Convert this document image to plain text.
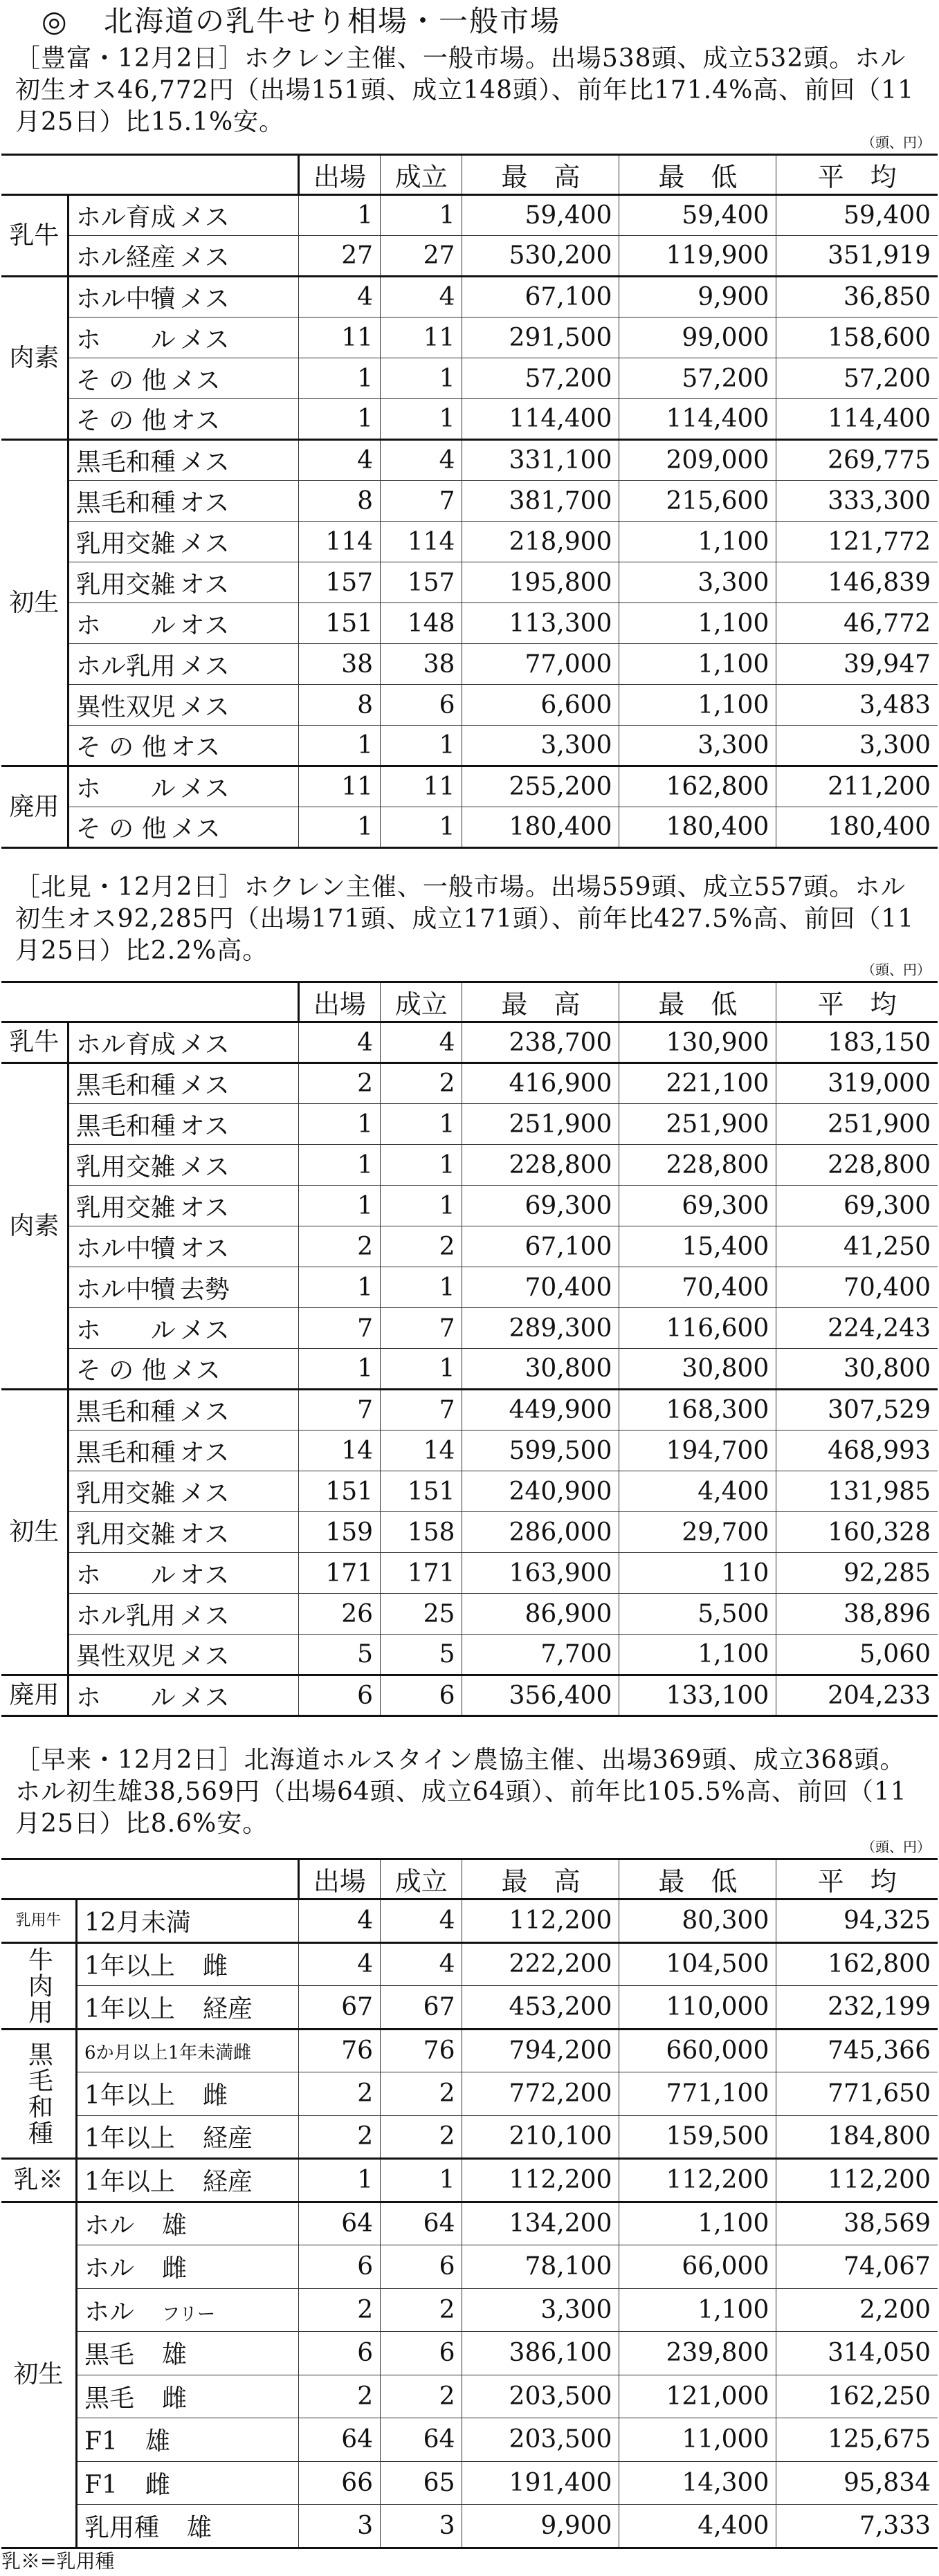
◎ 北海道の乳牛せり相場・一般市場
［豊富・12月2日］ホクレン主催、一般市場。出場538頭、成立532頭。ホル初生オス46,772円（出場151頭、成立148頭）、前年比171.4%高、前回（11月25日）比15.1%安。
（頭、円）
		出場	成立	最　高	最　低	平　均
乳牛	ホル育成 メス	1	1	59,400	59,400	59,400
	ホル経産 メス	27	27	530,200	119,900	351,919
肉素	ホル中犢 メス	4	4	67,100	9,900	36,850
	ホ　　ル メス	11	11	291,500	99,000	158,600
	そ の 他 メス	1	1	57,200	57,200	57,200
	そ の 他 オス	1	1	114,400	114,400	114,400
初生	黒毛和種 メス	4	4	331,100	209,000	269,775
	黒毛和種 オス	8	7	381,700	215,600	333,300
	乳用交雑 メス	114	114	218,900	1,100	121,772
	乳用交雑 オス	157	157	195,800	3,300	146,839
	ホ　　ル オス	151	148	113,300	1,100	46,772
	ホル乳用 メス	38	38	77,000	1,100	39,947
	異性双児 メス	8	6	6,600	1,100	3,483
	そ の 他 オス	1	1	3,300	3,300	3,300
廃用	ホ　　ル メス	11	11	255,200	162,800	211,200
	そ の 他 メス	1	1	180,400	180,400	180,400
［北見・12月2日］ホクレン主催、一般市場。出場559頭、成立557頭。ホル初生オス92,285円（出場171頭、成立171頭）、前年比427.5%高、前回（11月25日）比2.2%高。
（頭、円）
		出場	成立	最　高	最　低	平　均
乳牛	ホル育成 メス	4	4	238,700	130,900	183,150
肉素	黒毛和種 メス	2	2	416,900	221,100	319,000
	黒毛和種 オス	1	1	251,900	251,900	251,900
	乳用交雑 メス	1	1	228,800	228,800	228,800
	乳用交雑 オス	1	1	69,300	69,300	69,300
	ホル中犢 オス	2	2	67,100	15,400	41,250
	ホル中犢 去勢	1	1	70,400	70,400	70,400
	ホ　　ル メス	7	7	289,300	116,600	224,243
	そ の 他 メス	1	1	30,800	30,800	30,800
初生	黒毛和種 メス	7	7	449,900	168,300	307,529
	黒毛和種 オス	14	14	599,500	194,700	468,993
	乳用交雑 メス	151	151	240,900	4,400	131,985
	乳用交雑 オス	159	158	286,000	29,700	160,328
	ホ　　ル オス	171	171	163,900	110	92,285
	ホル乳用 メス	26	25	86,900	5,500	38,896
	異性双児 メス	5	5	7,700	1,100	5,060
廃用	ホ　　ル メス	6	6	356,400	133,100	204,233
［早来・12月2日］北海道ホルスタイン農協主催、出場369頭、成立368頭。ホル初生雄38,569円（出場64頭、成立64頭）、前年比105.5%高、前回（11月25日）比8.6%安。
（頭、円）
		出場	成立	最　高	最　低	平　均
乳用牛	12月未満	4	4	112,200	80,300	94,325
牛肉用	1年以上 雌	4	4	222,200	104,500	162,800
	1年以上 経産	67	67	453,200	110,000	232,199
黒毛和種	6か月以上1年未満雌	76	76	794,200	660,000	745,366
	1年以上 雌	2	2	772,200	771,100	771,650
	1年以上 経産	2	2	210,100	159,500	184,800
乳※	1年以上 経産	1	1	112,200	112,200	112,200
初生	ホル 雄	64	64	134,200	1,100	38,569
	ホル 雌	6	6	78,100	66,000	74,067
	ホル フリー	2	2	3,300	1,100	2,200
	黒毛 雄	6	6	386,100	239,800	314,050
	黒毛 雌	2	2	203,500	121,000	162,250
	F1 雄	64	64	203,500	11,000	125,675
	F1 雌	66	65	191,400	14,300	95,834
	乳用種 雄	3	3	9,900	4,400	7,333
乳※=乳用種
